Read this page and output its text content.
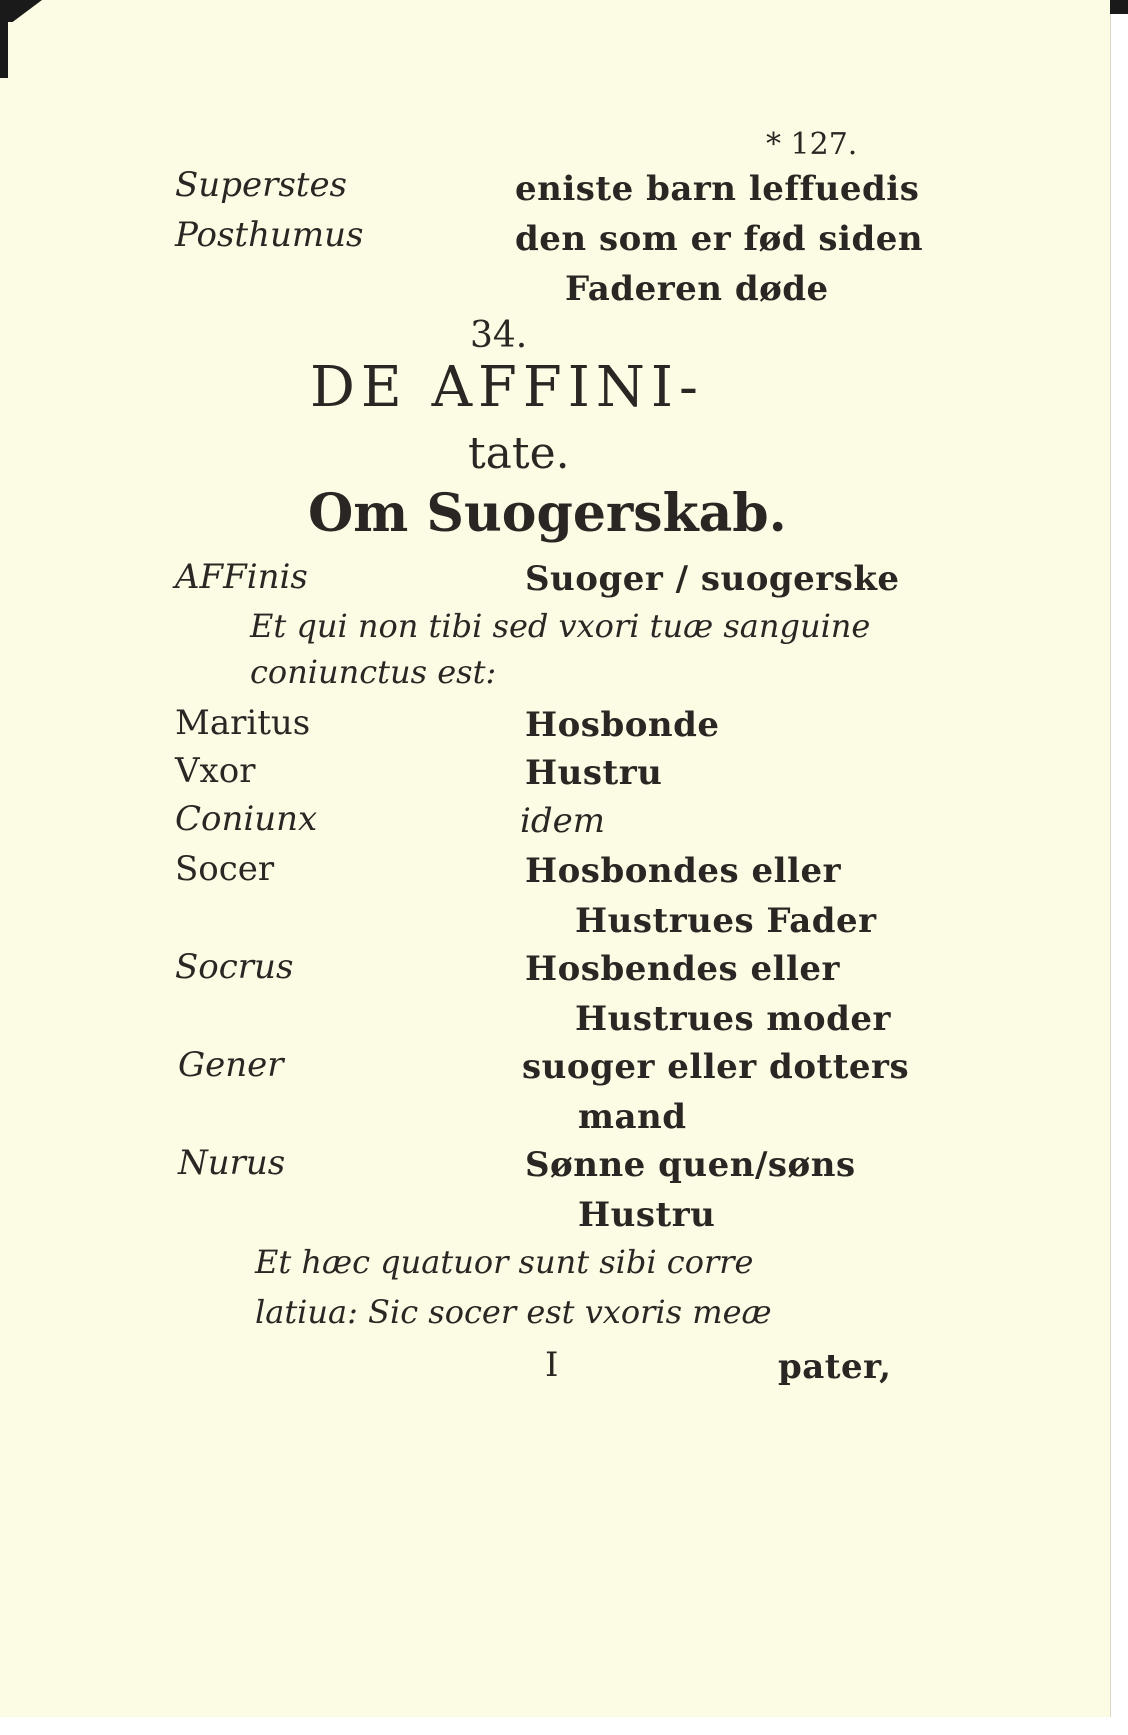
* 127.
Superstes	eniste barn leffuedis
Posthumus	den som er fød siden
Faderen døde
34.
DE AFFINI-
tate.
Om Suogerskab.
AFFinis	Suoger / suogerske
Et qui non tibi sed vxori tuæ sanguine
coniunctus est:
Maritus	Hosbonde
Vxor	Hustru
Coniunx	idem
Socer	Hosbondes eller
Hustrues Fader
Socrus	Hosbendes eller
Hustrues moder
Gener	suoger eller dotters
mand
Nurus	Sønne quen/søns
Hustru
Et hæc quatuor sunt sibi corre
latiua: Sic socer est vxoris meæ
I	pater,
